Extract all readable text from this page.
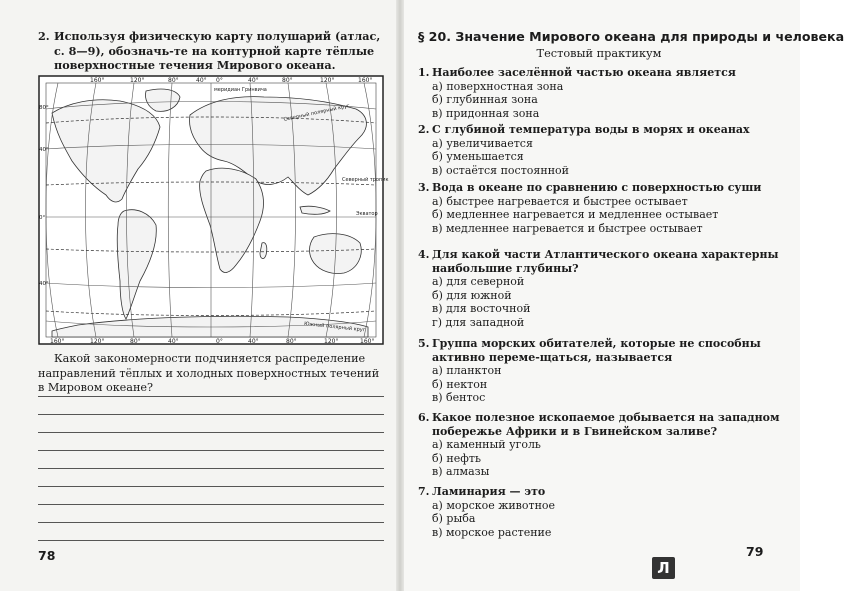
2. Используя физическую карту полушарий (атлас, с. 8—9), обозначь-те на контурной карте тёплые поверхностные течения Мирового океана.
160°	120°	80°	40° 0°	40°	80°	120°	160°
160°	120°	80°	40°	0°	40°	80°	120°	160°
80°
40°
0°
40°
меридиан Гринвича
Северный полярный круг
Северный тропик
Экватор
Южный полярный круг
Какой закономерности подчиняется распределение направлений тёплых и холодных поверхностных течений в Мировом океане?
78
§ 20. Значение Мирового океана для природы и человека
Тестовый практикум
1. Наиболее заселённой частью океана является
а) поверхностная зона
б) глубинная зона
в) придонная зона
2. С глубиной температура воды в морях и океанах
а) увеличивается
б) уменьшается
в) остаётся постоянной
3. Вода в океане по сравнению с поверхностью суши
а) быстрее нагревается и быстрее остывает
б) медленнее нагревается и медленнее остывает
в) медленнее нагревается и быстрее остывает
4. Для какой части Атлантического океана характерны наибольшие глубины?
а) для северной
б) для южной
в) для восточной
г) для западной
5. Группа морских обитателей, которые не способны активно переме-щаться, называется
а) планктон
б) нектон
в) бентос
6. Какое полезное ископаемое добывается на западном побережье Африки и в Гвинейском заливе?
а) каменный уголь
б) нефть
в) алмазы
7. Ламинария — это
а) морское животное
б) рыба
в) морское растение
79
Л
